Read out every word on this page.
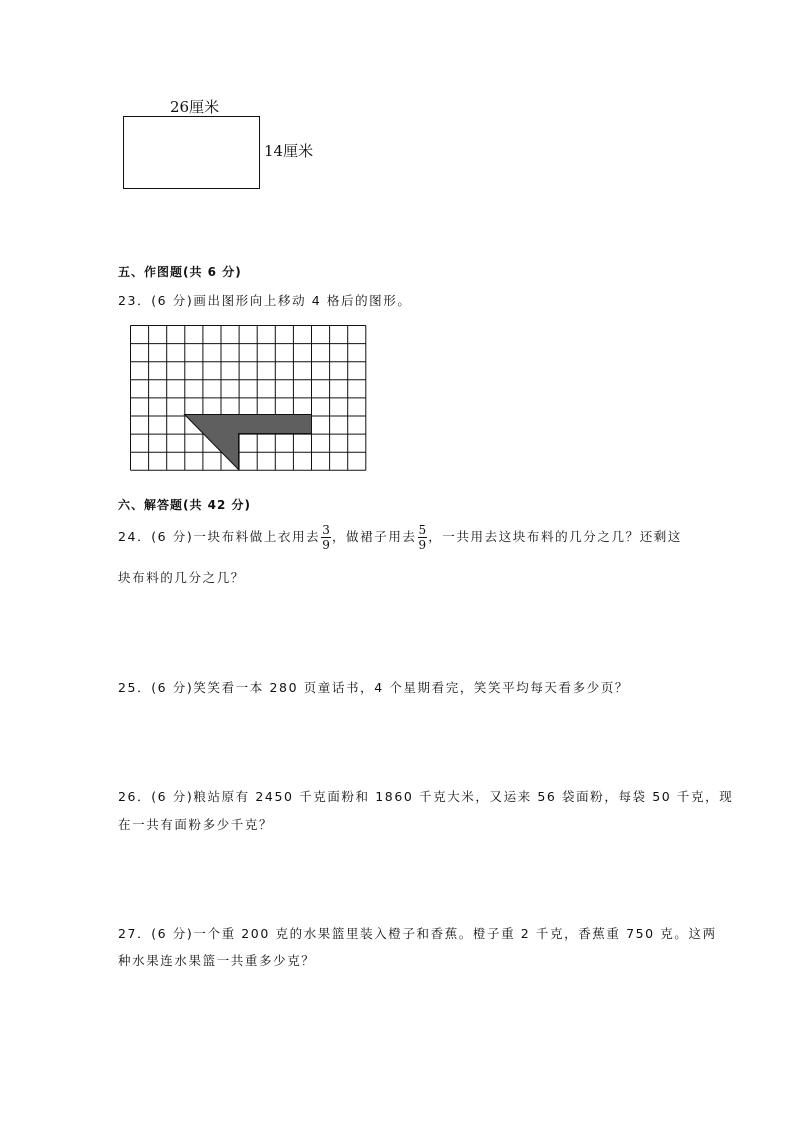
26厘米
14厘米
五、作图题(共 6 分)
23．(6 分)画出图形向上移动 4 格后的图形。
六、解答题(共 42 分)
24．(6 分)一块布料做上衣用去 $\frac{3}{9}$ ，做裙子用去 $\frac{5}{9}$ ，一共用去这块布料的几分之几？还剩这
块布料的几分之几？
25．(6 分)笑笑看一本 280 页童话书，4 个星期看完，笑笑平均每天看多少页？
26．(6 分)粮站原有 2450 千克面粉和 1860 千克大米，又运来 56 袋面粉，每袋 50 千克，现
在一共有面粉多少千克？
27．(6 分)一个重 200 克的水果篮里装入橙子和香蕉。橙子重 2 千克，香蕉重 750 克。这两
种水果连水果篮一共重多少克？
